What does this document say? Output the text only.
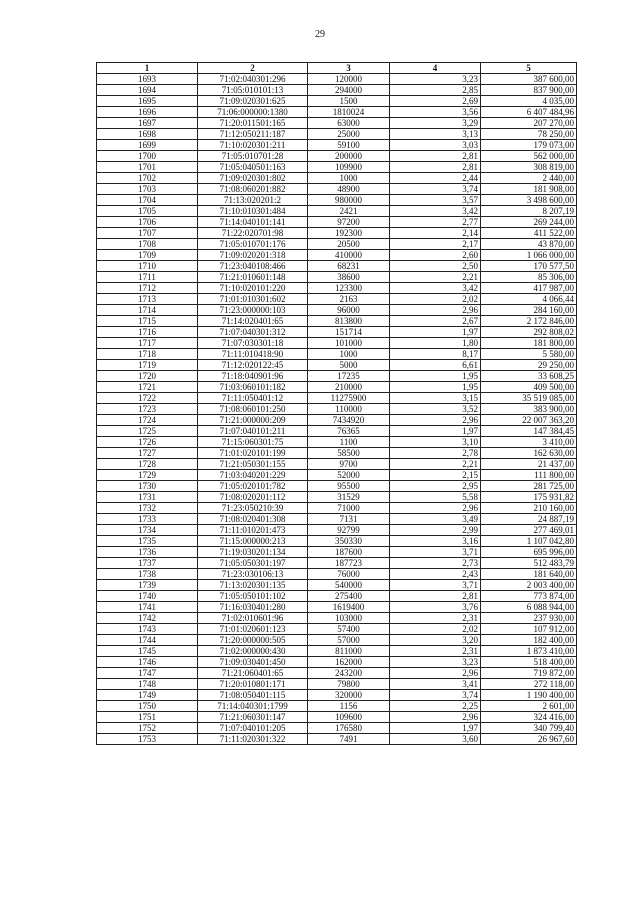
29
1	2	3	4	5
1693	71:02:040301:296	120000	3,23	387 600,00
1694	71:05:010101:13	294000	2,85	837 900,00
1695	71:09:020301:625	1500	2,69	4 035,00
1696	71:06:000000:1380	1810024	3,56	6 407 484,96
1697	71:20:011501:165	63000	3,29	207 270,00
1698	71:12:050211:187	25000	3,13	78 250,00
1699	71:10:020301:211	59100	3,03	179 073,00
1700	71:05:010701:28	200000	2,81	562 000,00
1701	71:05:040501:163	109900	2,81	308 819,00
1702	71:09:020301:802	1000	2,44	2 440,00
1703	71:08:060201:882	48900	3,74	181 908,00
1704	71:13:020201:2	980000	3,57	3 498 600,00
1705	71:10:010301:484	2421	3,42	8 207,19
1706	71:14:040101:141	97200	2,77	269 244,00
1707	71:22:020701:98	192300	2,14	411 522,00
1708	71:05:010701:176	20500	2,17	43 870,00
1709	71:09:020201:318	410000	2,60	1 066 000,00
1710	71:23:040108:466	68231	2,50	170 577,50
1711	71:21:010601:148	38600	2,21	85 306,00
1712	71:10:020101:220	123300	3,42	417 987,00
1713	71:01:010301:602	2163	2,02	4 066,44
1714	71:23:000000:103	96000	2,96	284 160,00
1715	71:14:020401:65	813800	2,67	2 172 846,00
1716	71:07:040301:312	151714	1,97	292 808,02
1717	71:07:030301:18	101000	1,80	181 800,00
1718	71:11:010418:90	1000	8,17	5 580,00
1719	71:12:020122:45	5000	6,61	29 250,00
1720	71:18:040901:96	17235	1,95	33 608,25
1721	71:03:060101:182	210000	1,95	409 500,00
1722	71:11:050401:12	11275900	3,15	35 519 085,00
1723	71:08:060101:250	110000	3,52	383 900,00
1724	71:21:000000:209	7434920	2,96	22 007 363,20
1725	71:07:040101:211	76365	1,97	147 384,45
1726	71:15:060301:75	1100	3,10	3 410,00
1727	71:01:020101:199	58500	2,78	162 630,00
1728	71:21:050301:155	9700	2,21	21 437,00
1729	71:03:040201:229	52000	2,15	111 800,00
1730	71:05:020101:782	95500	2,95	281 725,00
1731	71:08:020201:112	31529	5,58	175 931,82
1732	71:23:050210:39	71000	2,96	210 160,00
1733	71:08:020401:308	7131	3,49	24 887,19
1734	71:11:010201:473	92799	2,99	277 469,01
1735	71:15:000000:213	350330	3,16	1 107 042,80
1736	71:19:030201:134	187600	3,71	695 996,00
1737	71:05:050301:197	187723	2,73	512 483,79
1738	71:23:030106:13	76000	2,43	181 640,00
1739	71:13:020301:135	540000	3,71	2 003 400,00
1740	71:05:050101:102	275400	2,81	773 874,00
1741	71:16:030401:280	1619400	3,76	6 088 944,00
1742	71:02:010601:96	103000	2,31	237 930,00
1743	71:01:020601:123	57400	2,02	107 912,00
1744	71:20:000000:505	57000	3,20	182 400,00
1745	71:02:000000:430	811000	2,31	1 873 410,00
1746	71:09:030401:450	162000	3,23	518 400,00
1747	71:21:060401:65	243200	2,96	719 872,00
1748	71:20:010801:171	79800	3,41	272 118,00
1749	71:08:050401:115	320000	3,74	1 190 400,00
1750	71:14:040301:1799	1156	2,25	2 601,00
1751	71:21:060301:147	109600	2,96	324 416,00
1752	71:07:040101:205	176580	1,97	340 799,40
1753	71:11:020301:322	7491	3,60	26 967,60
